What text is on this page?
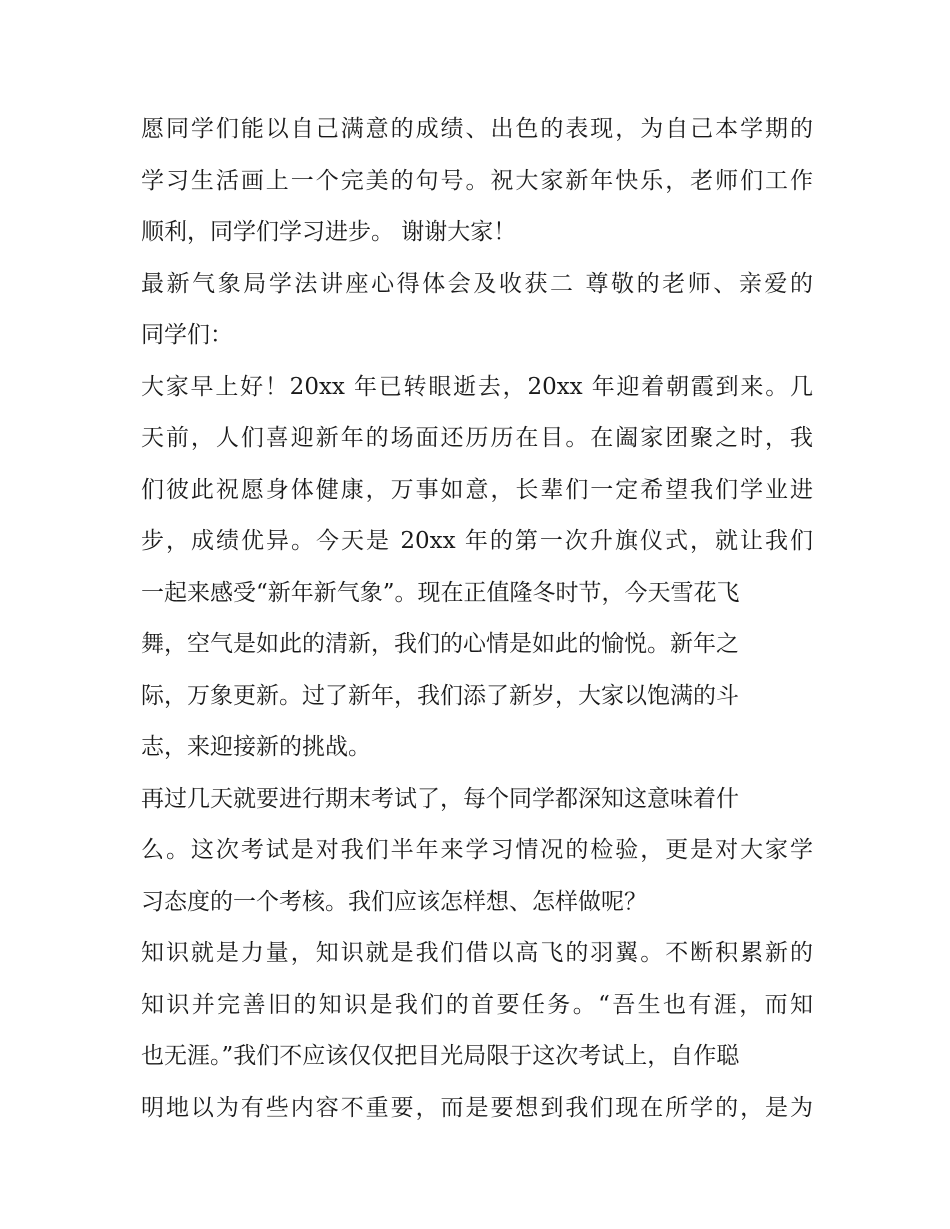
愿同学们能以自己满意的成绩、出色的表现，为自己本学期的
学习生活画上一个完美的句号。祝大家新年快乐，老师们工作
顺利，同学们学习进步。 谢谢大家！
最新气象局学法讲座心得体会及收获二 尊敬的老师、亲爱的
同学们：
大家早上好！20xx 年已转眼逝去，20xx 年迎着朝霞到来。几
天前，人们喜迎新年的场面还历历在目。在阖家团聚之时，我
们彼此祝愿身体健康，万事如意，长辈们一定希望我们学业进
步，成绩优异。今天是 20xx 年的第一次升旗仪式，就让我们
一起来感受“新年新气象”。现在正值隆冬时节，今天雪花飞
舞，空气是如此的清新，我们的心情是如此的愉悦。新年之
际，万象更新。过了新年，我们添了新岁，大家以饱满的斗
志，来迎接新的挑战。
再过几天就要进行期末考试了，每个同学都深知这意味着什
么。这次考试是对我们半年来学习情况的检验，更是对大家学
习态度的一个考核。我们应该怎样想、怎样做呢？
知识就是力量，知识就是我们借以高飞的羽翼。不断积累新的
知识并完善旧的知识是我们的首要任务。“吾生也有涯，而知
也无涯。”我们不应该仅仅把目光局限于这次考试上，自作聪
明地以为有些内容不重要，而是要想到我们现在所学的，是为
